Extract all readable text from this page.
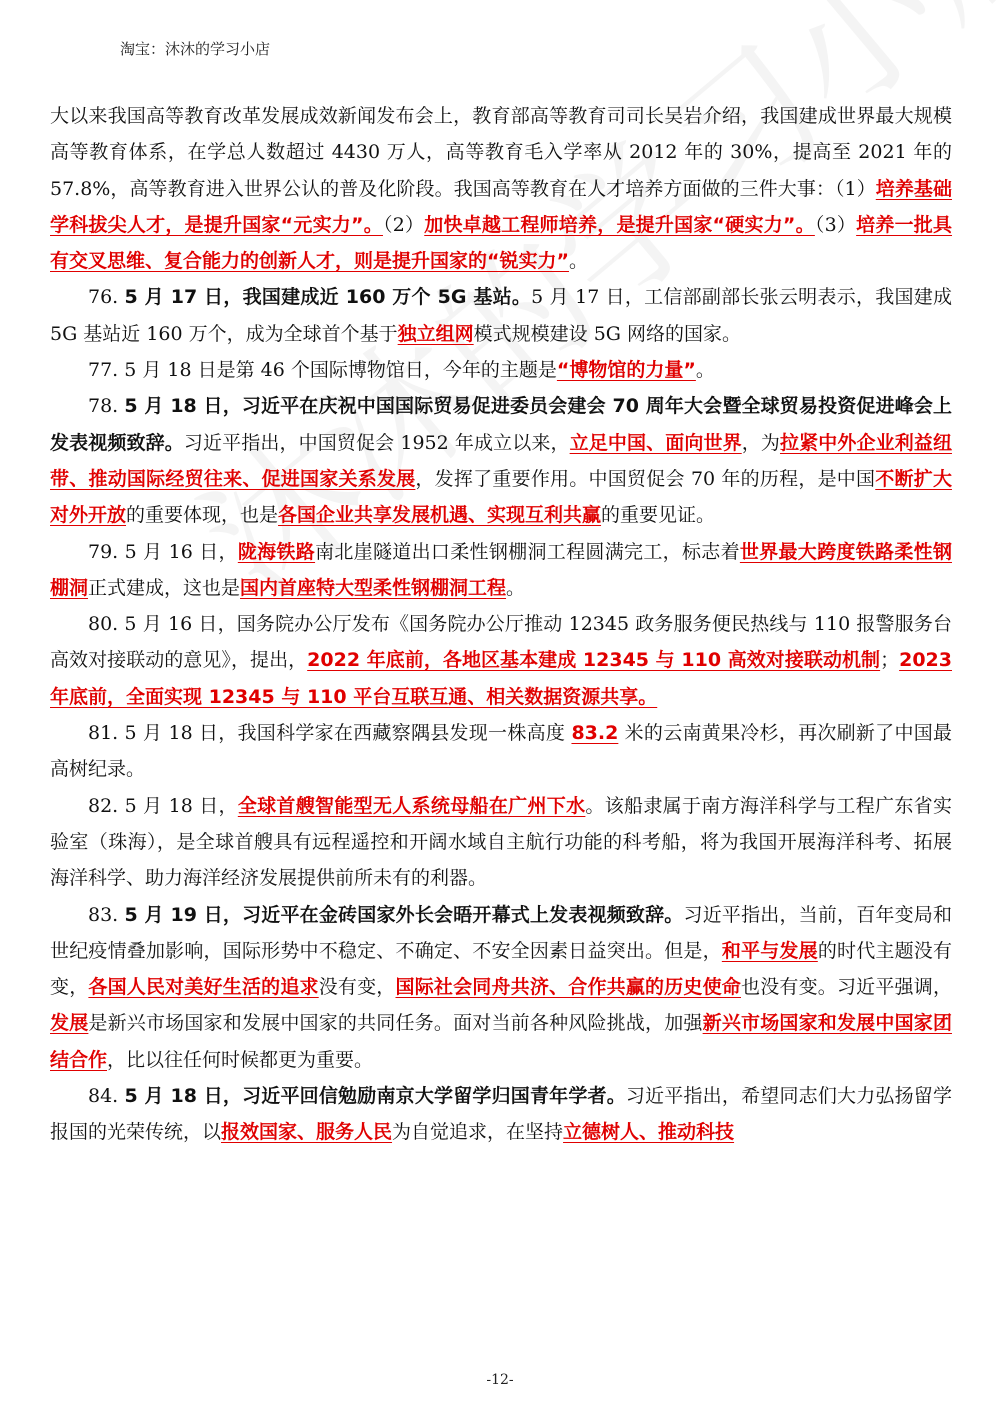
淘宝：沐沐的学习小店

大以来我国高等教育改革发展成效新闻发布会上，教育部高等教育司司长吴岩介绍，我国建成世界最大规模高等教育体系，在学总人数超过 4430 万人，高等教育毛入学率从 2012 年的 30%，提高至 2021 年的 57.8%，高等教育进入世界公认的普及化阶段。我国高等教育在人才培养方面做的三件大事：（1）培养基础学科拔尖人才，是提升国家“元实力”。（2）加快卓越工程师培养，是提升国家“硬实力”。（3）培养一批具有交叉思维、复合能力的创新人才，则是提升国家的“锐实力”。

76. 5 月 17 日，我国建成近 160 万个 5G 基站。5 月 17 日，工信部副部长张云明表示，我国建成 5G 基站近 160 万个，成为全球首个基于独立组网模式规模建设 5G 网络的国家。

77. 5 月 18 日是第 46 个国际博物馆日，今年的主题是“博物馆的力量”。

78. 5 月 18 日，习近平在庆祝中国国际贸易促进委员会建会 70 周年大会暨全球贸易投资促进峰会上发表视频致辞。习近平指出，中国贸促会 1952 年成立以来，立足中国、面向世界，为拉紧中外企业利益纽带、推动国际经贸往来、促进国家关系发展，发挥了重要作用。中国贸促会 70 年的历程，是中国不断扩大对外开放的重要体现，也是各国企业共享发展机遇、实现互利共赢的重要见证。

79. 5 月 16 日，陇海铁路南北崖隧道出口柔性钢棚洞工程圆满完工，标志着世界最大跨度铁路柔性钢棚洞正式建成，这也是国内首座特大型柔性钢棚洞工程。

80. 5 月 16 日，国务院办公厅发布《国务院办公厅推动 12345 政务服务便民热线与 110 报警服务台高效对接联动的意见》，提出，2022 年底前，各地区基本建成 12345 与 110 高效对接联动机制；2023 年底前，全面实现 12345 与 110 平台互联互通、相关数据资源共享。

81. 5 月 18 日，我国科学家在西藏察隅县发现一株高度 83.2 米的云南黄果冷杉，再次刷新了中国最高树纪录。

82. 5 月 18 日，全球首艘智能型无人系统母船在广州下水。该船隶属于南方海洋科学与工程广东省实验室（珠海），是全球首艘具有远程遥控和开阔水域自主航行功能的科考船，将为我国开展海洋科考、拓展海洋科学、助力海洋经济发展提供前所未有的利器。

83. 5 月 19 日，习近平在金砖国家外长会晤开幕式上发表视频致辞。习近平指出，当前，百年变局和世纪疫情叠加影响，国际形势中不稳定、不确定、不安全因素日益突出。但是，和平与发展的时代主题没有变，各国人民对美好生活的追求没有变，国际社会同舟共济、合作共赢的历史使命也没有变。习近平强调，发展是新兴市场国家和发展中国家的共同任务。面对当前各种风险挑战，加强新兴市场国家和发展中国家团结合作，比以往任何时候都更为重要。

84. 5 月 18 日，习近平回信勉励南京大学留学归国青年学者。习近平指出，希望同志们大力弘扬留学报国的光荣传统，以报效国家、服务人民为自觉追求，在坚持立德树人、推动科技

-12-
